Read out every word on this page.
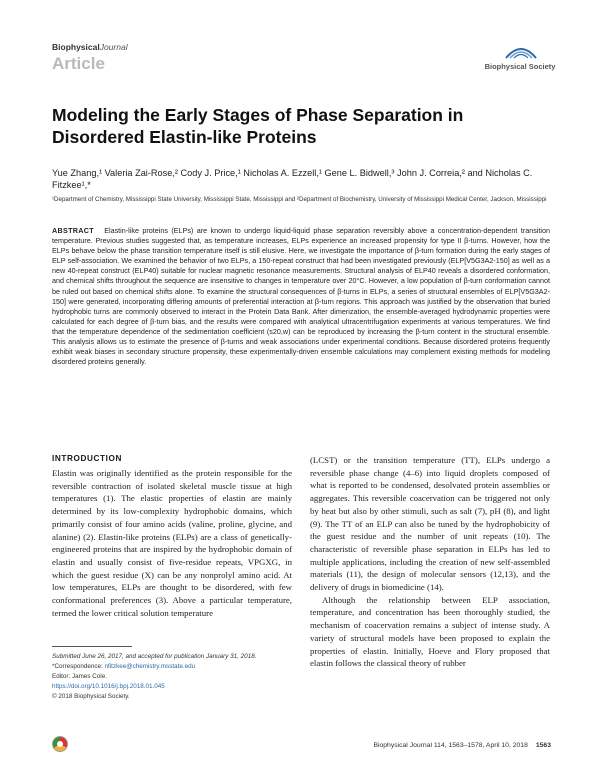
BiophysicalJournal
Article	Biophysical Society
Modeling the Early Stages of Phase Separation in Disordered Elastin-like Proteins
Yue Zhang,¹ Valeria Zai-Rose,² Cody J. Price,¹ Nicholas A. Ezzell,¹ Gene L. Bidwell,³ John J. Correia,² and Nicholas C. Fitzkee¹,*
¹Department of Chemistry, Mississippi State University, Mississippi State, Mississippi and ²Department of Biochemistry, University of Mississippi Medical Center, Jackson, Mississippi
ABSTRACT Elastin-like proteins (ELPs) are known to undergo liquid-liquid phase separation reversibly above a concentration-dependent transition temperature. Previous studies suggested that, as temperature increases, ELPs experience an increased propensity for type II β-turns. However, how the ELPs behave below the phase transition temperature itself is still elusive. Here, we investigate the importance of β-turn formation during the early stages of ELP self-association. We examined the behavior of two ELPs, a 150-repeat construct that had been investigated previously (ELP[V5G3A2-150] as well as a new 40-repeat construct (ELP40) suitable for nuclear magnetic resonance measurements. Structural analysis of ELP40 reveals a disordered conformation, and chemical shifts throughout the sequence are insensitive to changes in temperature over 20°C. However, a low population of β-turn conformation cannot be ruled out based on chemical shifts alone. To examine the structural consequences of β-turns in ELPs, a series of structural ensembles of ELP[V5G3A2-150] were generated, incorporating differing amounts of preferential interaction at β-turn regions. This approach was justified by the observation that buried hydrophobic turns are commonly observed to interact in the Protein Data Bank. After dimerization, the ensemble-averaged hydrodynamic properties were calculated for each degree of β-turn bias, and the results were compared with analytical ultracentrifugation experiments at various temperatures. We find that the temperature dependence of the sedimentation coefficient (s20,w) can be reproduced by increasing the β-turn content in the structural ensemble. This analysis allows us to estimate the presence of β-turns and weak associations under experimental conditions. Because disordered proteins frequently exhibit weak biases in secondary structure propensity, these experimentally-driven ensemble calculations may complement existing methods for modeling disordered proteins generally.
INTRODUCTION
Elastin was originally identified as the protein responsible for the reversible contraction of isolated skeletal muscle tissue at high temperatures (1). The elastic properties of elastin are mainly determined by its low-complexity hydrophobic domains, which primarily consist of four amino acids (valine, proline, glycine, and alanine) (2). Elastin-like proteins (ELPs) are a class of genetically-engineered proteins that are inspired by the hydrophobic domain of elastin and usually consist of five-residue repeats, VPGXG, in which the guest residue (X) can be any nonprolyl amino acid. At low temperatures, ELPs are thought to be disordered, with few conformational preferences (3). Above a particular temperature, termed the lower critical solution temperature

(LCST) or the transition temperature (TT), ELPs undergo a reversible phase change (4–6) into liquid droplets composed of what is reported to be condensed, desolvated protein assemblies or aggregates. This reversible coacervation can be triggered not only by heat but also by other stimuli, such as salt (7), pH (8), and light (9). The TT of an ELP can also be tuned by the hydrophobicity of the guest residue and the number of unit repeats (10). The characteristic of reversible phase separation in ELPs has led to multiple applications, including the creation of new self-assembled materials (11), the design of molecular sensors (12,13), and the delivery of drugs in biomedicine (14).

Although the relationship between ELP association, temperature, and concentration has been thoroughly studied, the mechanism of coacervation remains a subject of intense study. A variety of structural models have been proposed to explain the properties of elastin. Initially, Hoeve and Flory proposed that elastin follows the classical theory of rubber

Submitted June 26, 2017, and accepted for publication January 31, 2018.
*Correspondence: nfitzkee@chemistry.msstate.edu
Editor: James Cole.
https://doi.org/10.1016/j.bpj.2018.01.045
© 2018 Biophysical Society.
Biophysical Journal 114, 1563–1578, April 10, 2018 1563
